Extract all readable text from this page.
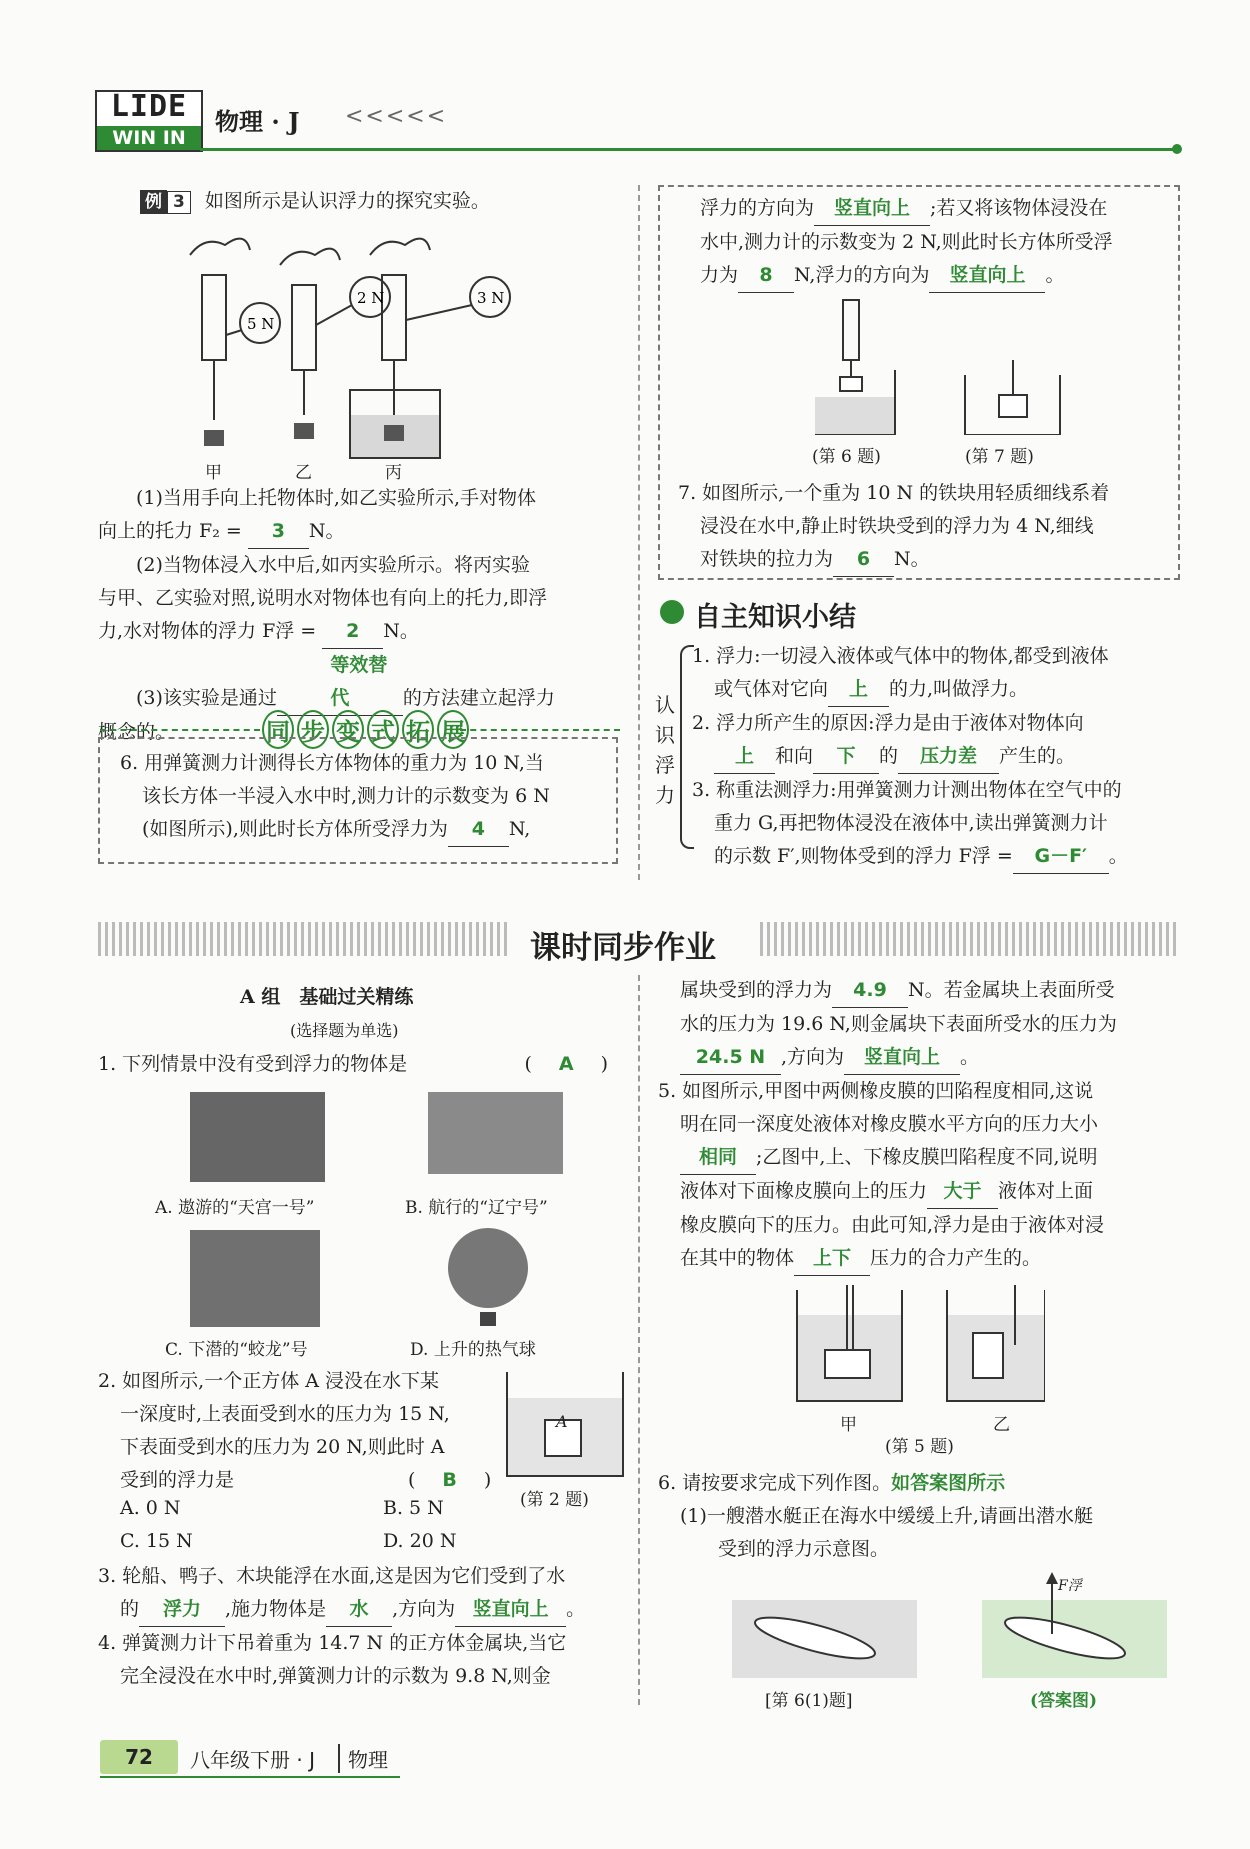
LIDE
WIN IN
物理 · J <<<<<
例 3 如图所示是认识浮力的探究实验。
5 N
2 N	3 N
甲	乙	丙
(1)当用手向上托物体时,如乙实验所示,手对物体
向上的托力 F₂ = 3 N。
(2)当物体浸入水中后,如丙实验所示。将丙实验
与甲、乙实验对照,说明水对物体也有向上的托力,即浮
力,水对物体的浮力 F浮 = 2 N。
(3)该实验是通过等效替代	的方法建立起浮力
概念的。	同 步 变 式 拓 展
6. 用弹簧测力计测得长方体物体的重力为 10 N,当
该长方体一半浸入水中时,测力计的示数变为 6 N
(如图所示),则此时长方体所受浮力为 4 N,
浮力的方向为 竖直向上 ;若又将该物体浸没在
水中,测力计的示数变为 2 N,则此时长方体所受浮
力为 8 N,浮力的方向为 竖直向上 。
(第 6 题)	(第 7 题)
7. 如图所示,一个重为 10 N 的铁块用轻质细线系着
浸没在水中,静止时铁块受到的浮力为 4 N,细线
对铁块的拉力为 6 N。
自主知识小结
认
识
浮
力
1. 浮力:一切浸入液体或气体中的物体,都受到液体
或气体对它向 上 的力,叫做浮力。
2. 浮力所产生的原因:浮力是由于液体对物体向
上 和向 下 的 压力差 产生的。
3. 称重法测浮力:用弹簧测力计测出物体在空气中的
重力 G,再把物体浸没在液体中,读出弹簧测力计
的示数 F′,则物体受到的浮力 F浮 = G－F′ 。
课时同步作业
A 组　基础过关精练
(选择题为单选)
1. 下列情景中没有受到浮力的物体是	(　A　)
A. 遨游的“天宫一号”	B. 航行的“辽宁号”
C. 下潜的“蛟龙”号	D. 上升的热气球
2. 如图所示,一个正方体 A 浸没在水下某
一深度时,上表面受到水的压力为 15 N,
下表面受到水的压力为 20 N,则此时 A
受到的浮力是	(　B　)
A
(第 2 题)
A. 0 N	B. 5 N
C. 15 N	D. 20 N
3. 轮船、鸭子、木块能浮在水面,这是因为它们受到了水
的 浮力 ,施力物体是 水 ,方向为 竖直向上 。
4. 弹簧测力计下吊着重为 14.7 N 的正方体金属块,当它
完全浸没在水中时,弹簧测力计的示数为 9.8 N,则金
属块受到的浮力为 4.9 N。若金属块上表面所受
水的压力为 19.6 N,则金属块下表面所受水的压力为
24.5 N ,方向为 竖直向上 。
5. 如图所示,甲图中两侧橡皮膜的凹陷程度相同,这说
明在同一深度处液体对橡皮膜水平方向的压力大小
相同 ;乙图中,上、下橡皮膜凹陷程度不同,说明
液体对下面橡皮膜向上的压力 大于 液体对上面
橡皮膜向下的压力。由此可知,浮力是由于液体对浸
在其中的物体 上下 压力的合力产生的。
甲	乙
(第 5 题)
6. 请按要求完成下列作图。如答案图所示
(1)一艘潜水艇正在海水中缓缓上升,请画出潜水艇
受到的浮力示意图。
F浮
[第 6(1)题]	(答案图)
72	八年级下册 · J	物理
